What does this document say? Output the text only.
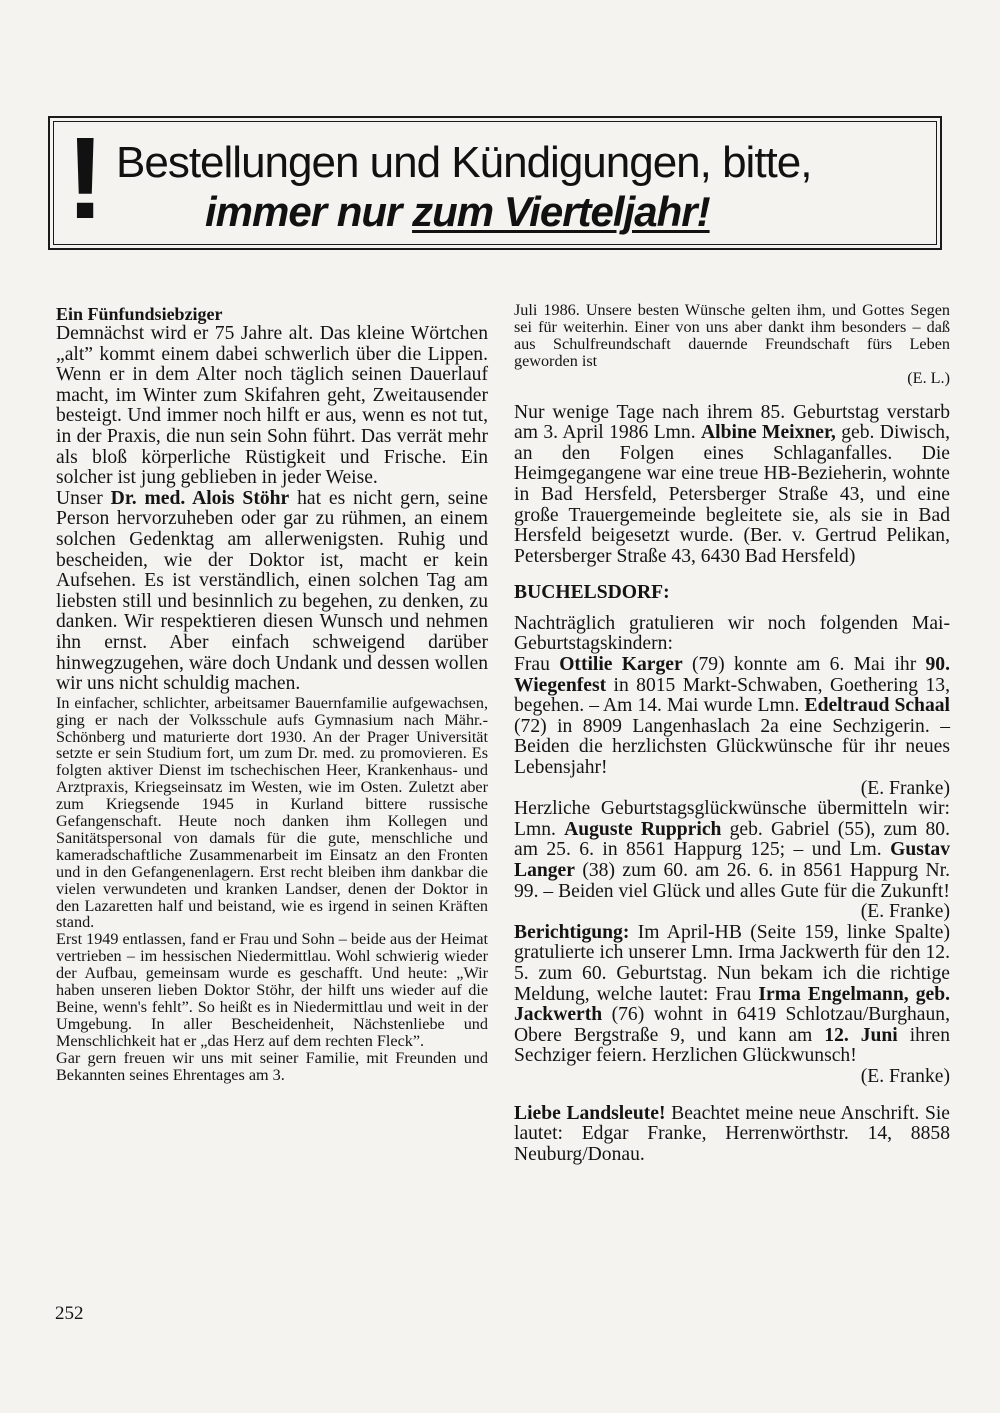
! Bestellungen und Kündigungen, bitte,
immer nur zum Vierteljahr!

Ein Fünfundsiebziger

Demnächst wird er 75 Jahre alt. Das kleine Wörtchen „alt” kommt einem dabei schwerlich über die Lippen. Wenn er in dem Alter noch täglich seinen Dauerlauf macht, im Winter zum Skifahren geht, Zweitausender besteigt. Und immer noch hilft er aus, wenn es not tut, in der Praxis, die nun sein Sohn führt. Das verrät mehr als bloß körperliche Rüstigkeit und Frische. Ein solcher ist jung geblieben in jeder Weise.

Unser Dr. med. Alois Stöhr hat es nicht gern, seine Person hervorzuheben oder gar zu rühmen, an einem solchen Gedenktag am allerwenigsten. Ruhig und bescheiden, wie der Doktor ist, macht er kein Aufsehen. Es ist verständlich, einen solchen Tag am liebsten still und besinnlich zu begehen, zu denken, zu danken. Wir respektieren diesen Wunsch und nehmen ihn ernst. Aber einfach schweigend darüber hinwegzugehen, wäre doch Undank und dessen wollen wir uns nicht schuldig machen.

In einfacher, schlichter, arbeitsamer Bauernfamilie aufgewachsen, ging er nach der Volksschule aufs Gymnasium nach Mähr.-Schönberg und maturierte dort 1930. An der Prager Universität setzte er sein Studium fort, um zum Dr. med. zu promovieren. Es folgten aktiver Dienst im tschechischen Heer, Krankenhaus- und Arztpraxis, Kriegseinsatz im Westen, wie im Osten. Zuletzt aber zum Kriegsende 1945 in Kurland bittere russische Gefangenschaft. Heute noch danken ihm Kollegen und Sanitätspersonal von damals für die gute, menschliche und kameradschaftliche Zusammenarbeit im Einsatz an den Fronten und in den Gefangenenlagern. Erst recht bleiben ihm dankbar die vielen verwundeten und kranken Landser, denen der Doktor in den Lazaretten half und beistand, wie es irgend in seinen Kräften stand.

Erst 1949 entlassen, fand er Frau und Sohn – beide aus der Heimat vertrieben – im hessischen Niedermittlau. Wohl schwierig wieder der Aufbau, gemeinsam wurde es geschafft. Und heute: „Wir haben unseren lieben Doktor Stöhr, der hilft uns wieder auf die Beine, wenn's fehlt”. So heißt es in Niedermittlau und weit in der Umgebung. In aller Bescheidenheit, Nächstenliebe und Menschlichkeit hat er „das Herz auf dem rechten Fleck”.

Gar gern freuen wir uns mit seiner Familie, mit Freunden und Bekannten seines Ehrentages am 3.

Juli 1986. Unsere besten Wünsche gelten ihm, und Gottes Segen sei für weiterhin. Einer von uns aber dankt ihm besonders – daß aus Schulfreundschaft dauernde Freundschaft fürs Leben geworden ist

(E. L.)

Nur wenige Tage nach ihrem 85. Geburtstag verstarb am 3. April 1986 Lmn. Albine Meixner, geb. Diwisch, an den Folgen eines Schlaganfalles. Die Heimgegangene war eine treue HB-Bezieherin, wohnte in Bad Hersfeld, Petersberger Straße 43, und eine große Trauergemeinde begleitete sie, als sie in Bad Hersfeld beigesetzt wurde. (Ber. v. Gertrud Pelikan, Petersberger Straße 43, 6430 Bad Hersfeld)

BUCHELSDORF:

Nachträglich gratulieren wir noch folgenden Mai-Geburtstagskindern:

Frau Ottilie Karger (79) konnte am 6. Mai ihr 90. Wiegenfest in 8015 Markt-Schwaben, Goethering 13, begehen. – Am 14. Mai wurde Lmn. Edeltraud Schaal (72) in 8909 Langenhaslach 2a eine Sechzigerin. – Beiden die herzlichsten Glückwünsche für ihr neues Lebensjahr!

(E. Franke)

Herzliche Geburtstagsglückwünsche übermitteln wir: Lmn. Auguste Rupprich geb. Gabriel (55), zum 80. am 25. 6. in 8561 Happurg 125; – und Lm. Gustav Langer (38) zum 60. am 26. 6. in 8561 Happurg Nr. 99. – Beiden viel Glück und alles Gute für die Zukunft!

(E. Franke)

Berichtigung: Im April-HB (Seite 159, linke Spalte) gratulierte ich unserer Lmn. Irma Jackwerth für den 12. 5. zum 60. Geburtstag. Nun bekam ich die richtige Meldung, welche lautet: Frau Irma Engelmann, geb. Jackwerth (76) wohnt in 6419 Schlotzau/Burghaun, Obere Bergstraße 9, und kann am 12. Juni ihren Sechziger feiern. Herzlichen Glückwunsch!

(E. Franke)

Liebe Landsleute! Beachtet meine neue Anschrift. Sie lautet: Edgar Franke, Herrenwörthstr. 14, 8858 Neuburg/Donau.

252
